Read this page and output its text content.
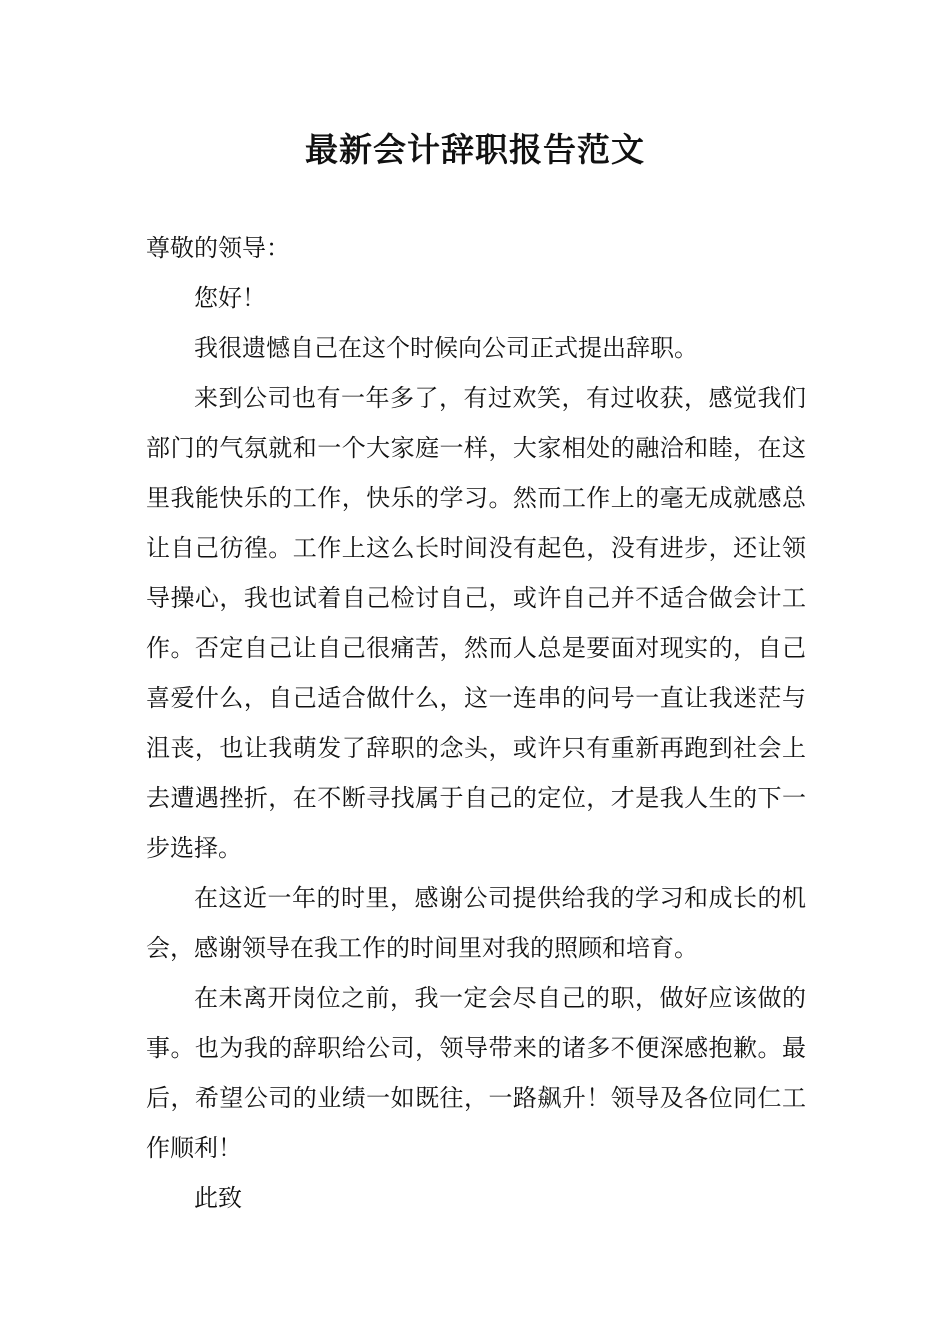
最新会计辞职报告范文

尊敬的领导：

您好！

我很遗憾自己在这个时候向公司正式提出辞职。

来到公司也有一年多了，有过欢笑，有过收获，感觉我们部门的气氛就和一个大家庭一样，大家相处的融洽和睦，在这里我能快乐的工作，快乐的学习。然而工作上的毫无成就感总让自己彷徨。工作上这么长时间没有起色，没有进步，还让领导操心，我也试着自己检讨自己，或许自己并不适合做会计工作。否定自己让自己很痛苦，然而人总是要面对现实的，自己喜爱什么，自己适合做什么，这一连串的问号一直让我迷茫与沮丧，也让我萌发了辞职的念头，或许只有重新再跑到社会上去遭遇挫折，在不断寻找属于自己的定位，才是我人生的下一步选择。

在这近一年的时里，感谢公司提供给我的学习和成长的机会，感谢领导在我工作的时间里对我的照顾和培育。

在未离开岗位之前，我一定会尽自己的职，做好应该做的事。也为我的辞职给公司，领导带来的诸多不便深感抱歉。最后，希望公司的业绩一如既往，一路飙升！领导及各位同仁工作顺利！

此致
